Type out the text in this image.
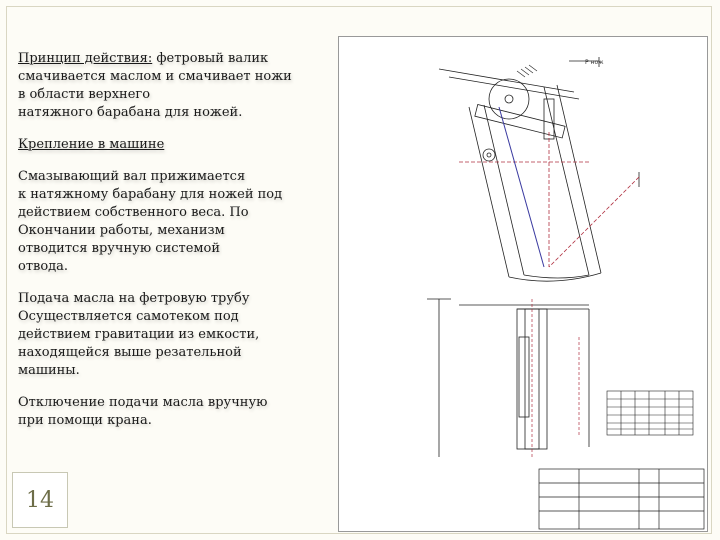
Принцип действия: фетровый валик смачивается маслом и смачивает ножи
в области верхнего
натяжного барабана для ножей.

Крепление в машине

Смазывающий вал прижимается
к натяжному барабану для ножей под
действием собственного веса. По
Окончании работы, механизм
отводится вручную системой
отвода.

Подача масла на фетровую трубу
Осуществляется самотеком под
действием гравитации из емкости,
находящейся выше резательной
машины.

Отключение подачи масла вручную
при помощи крана.

14
Р нож
